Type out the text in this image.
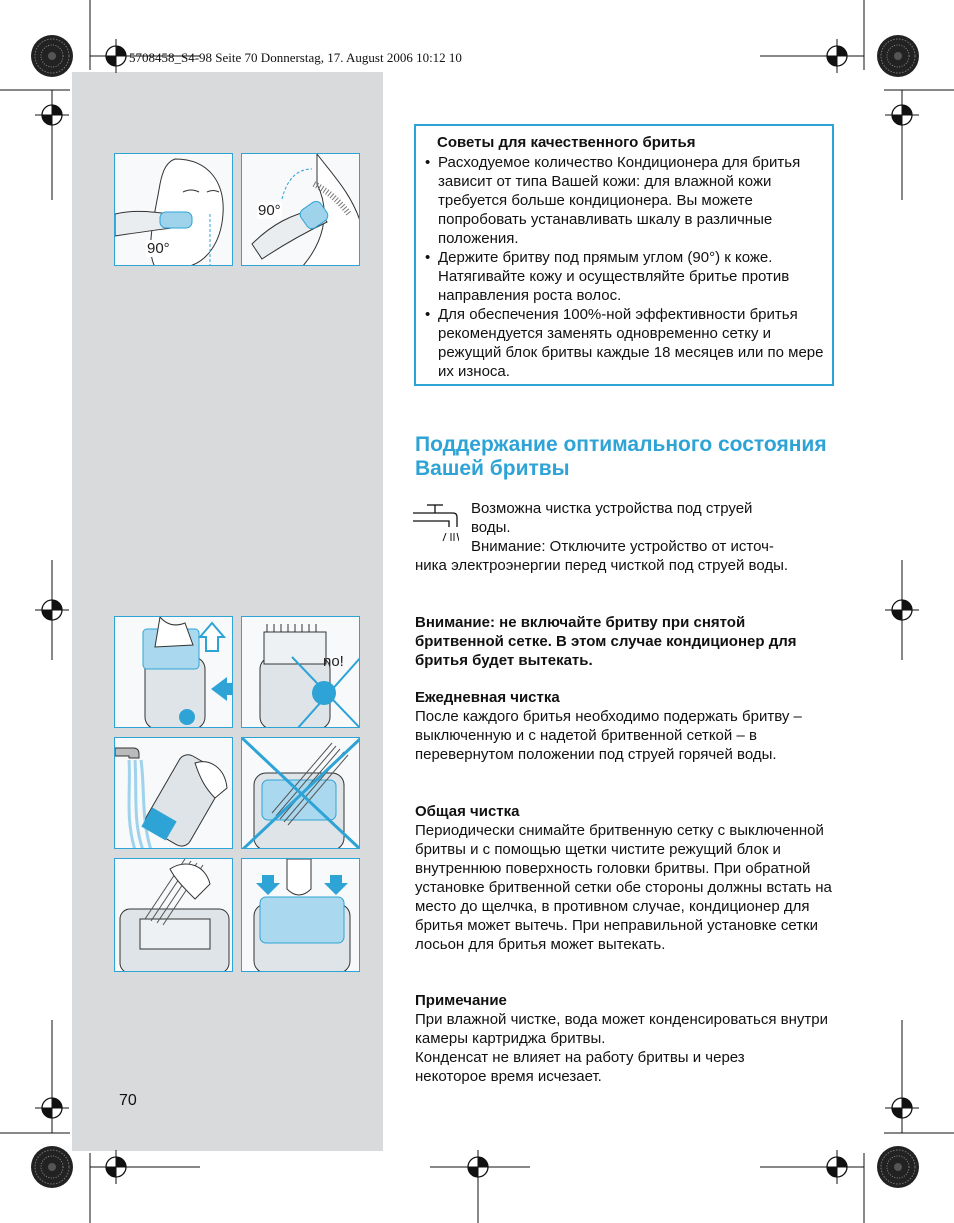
5708458_S4-98 Seite 70 Donnerstag, 17. August 2006 10:12 10
90°
90°
no!
70
Советы для качественного бритья
• Расходуемое количество Кондиционера для бритья зависит от типа Вашей кожи: для влажной кожи требуется больше кондиционера. Вы можете попробовать устанавливать шкалу в различные положения.
• Держите бритву под прямым углом (90°) к коже. Натягивайте кожу и осуществляйте бритье против направления роста волос.
• Для обеспечения 100%-ной эффективности бритья рекомендуется заменять одновременно сетку и режущий блок бритвы каждые 18 месяцев или по мере их износа.
Поддержание оптимального состояния Вашей бритвы
Возможна чистка устройства под струей
воды.
Внимание: Отключите устройство от источ-
ника электроэнергии перед чисткой под струей воды.
Внимание: не включайте бритву при снятой бритвенной сетке. В этом случае кондиционер для бритья будет вытекать.
Ежедневная чистка
После каждого бритья необходимо подержать бритву – выключенную и с надетой бритвенной сеткой – в перевернутом положении под струей горячей воды.
Общая чистка
Периодически снимайте бритвенную сетку с выключенной бритвы и с помощью щетки чистите режущий блок и внутреннюю поверхность головки бритвы. При обратной установке бритвенной сетки обе стороны должны встать на место до щелчка, в противном случае, кондиционер для бритья может вытечь. При неправильной установке сетки лосьон для бритья может вытекать.
Примечание
При влажной чистке, вода может конденсироваться внутри камеры картриджа бритвы.
Конденсат не влияет на работу бритвы и через некоторое время исчезает.
